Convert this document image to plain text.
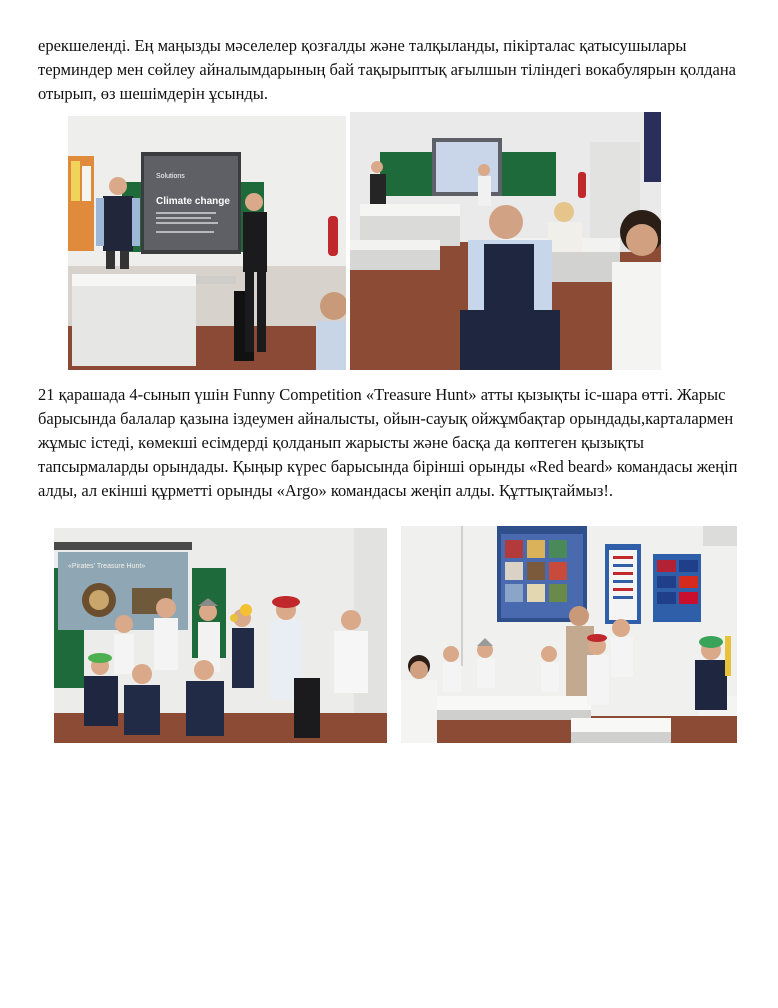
ерекшеленді. Ең маңызды мәселелер қозғалды және талқыланды, пікірталас қатысушылары терминдер мен сөйлеу айналымдарының бай тақырыптық ағылшын тіліндегі вокабулярын қолдана отырып, өз шешімдерін ұсынды.

Solutions
Climate change

21 қарашада 4-сынып үшін Funny Competition «Treasure Hunt» атты қызықты іс-шара өтті. Жарыс барысында балалар қазына іздеумен айналысты, ойын-сауық ойжұмбақтар орындады,карталармен жұмыс істеді, көмекші есімдерді қолданып жарысты және басқа да көптеген қызықты тапсырмаларды орындады. Қыңыр күрес барысында бірінші орынды «Red beard» командасы жеңіп алды, ал екінші құрметті орынды «Argo» командасы жеңіп алды. Құттықтаймыз!.

«Pirates' Treasure Hunt»
